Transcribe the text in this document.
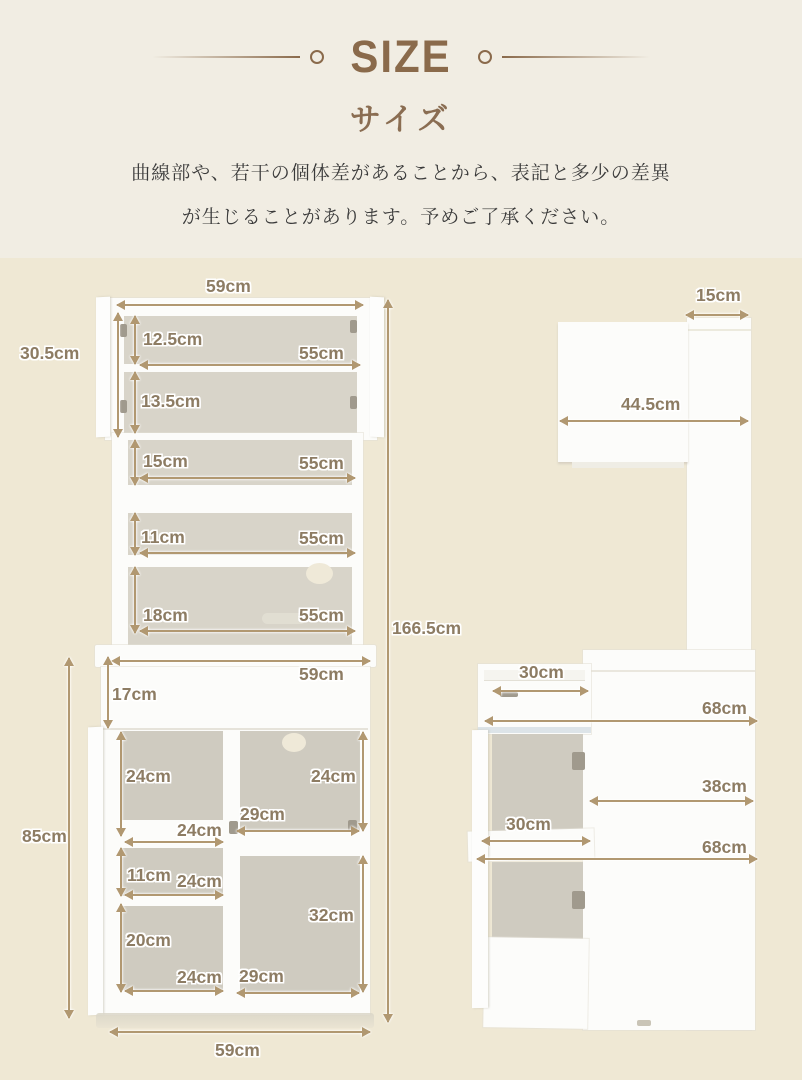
SIZE
サイズ
曲線部や、若干の個体差があることから、表記と多少の差異
が生じることがあります。予めご了承ください。
59cm
30.5cm
12.5cm
55cm
13.5cm
15cm	55cm
11cm	55cm
18cm	55cm
166.5cm
59cm
17cm
24cm	24cm
29cm
24cm
11cm 24cm
20cm
32cm
24cm 29cm
85cm
59cm
15cm
44.5cm
30cm
68cm
38cm
30cm
68cm
